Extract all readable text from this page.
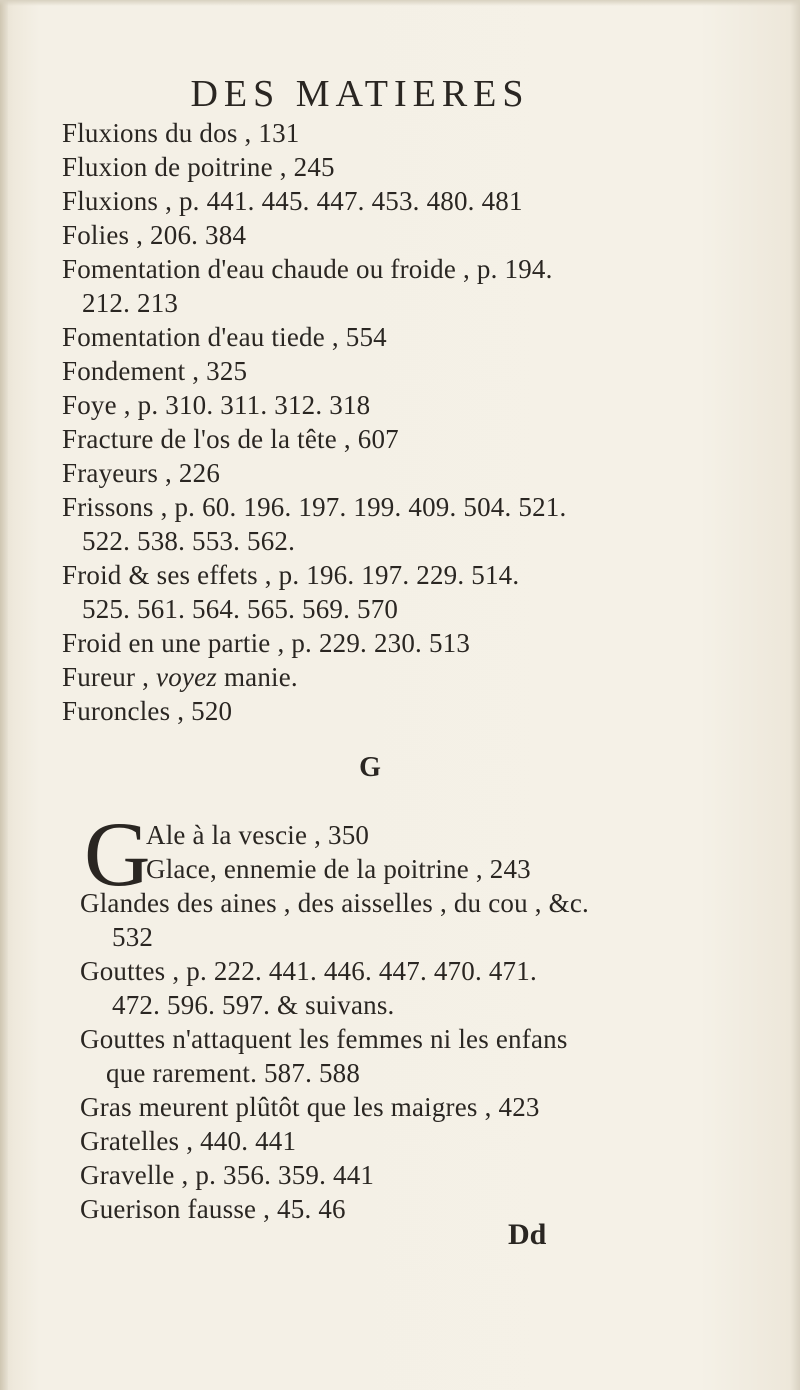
DES MATIERES
Fluxions du dos , 131
Fluxion de poitrine , 245
Fluxions , p. 441. 445. 447. 453. 480. 481
Folies , 206. 384
Fomentation d'eau chaude ou froide , p. 194.
212. 213
Fomentation d'eau tiede , 554
Fondement , 325
Foye , p. 310. 311. 312. 318
Fracture de l'os de la tête , 607
Frayeurs , 226
Frissons , p. 60. 196. 197. 199. 409. 504. 521.
522. 538. 553. 562.
Froid & ses effets , p. 196. 197. 229. 514.
525. 561. 564. 565. 569. 570
Froid en une partie , p. 229. 230. 513
Fureur , voyez manie.
Furoncles , 520
G
G
Ale à la vescie , 350
Glace, ennemie de la poitrine , 243
Glandes des aines , des aisselles , du cou , &c.
532
Gouttes , p. 222. 441. 446. 447. 470. 471.
472. 596. 597. & suivans.
Gouttes n'attaquent les femmes ni les enfans
que rarement. 587. 588
Gras meurent plûtôt que les maigres , 423
Gratelles , 440. 441
Gravelle , p. 356. 359. 441
Guerison fausse , 45. 46
Dd
